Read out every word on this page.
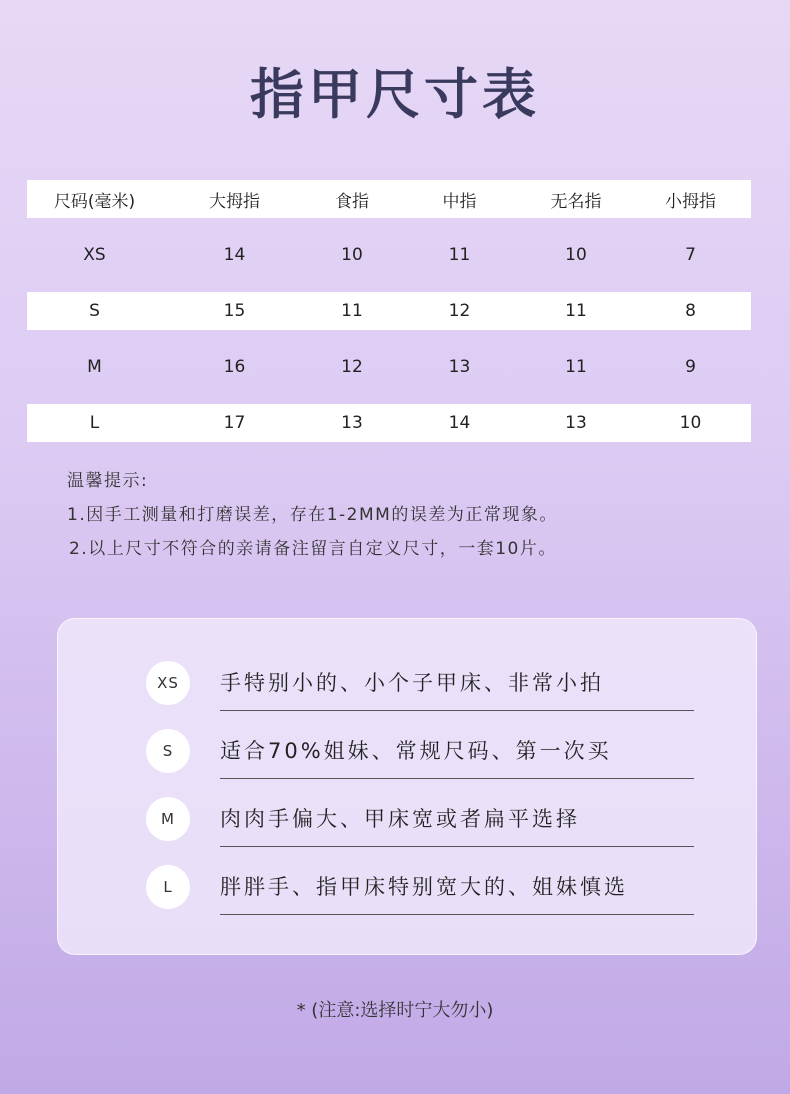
指甲尺寸表
尺码(毫米)	大拇指	食指	中指	无名指	小拇指
XS	14	10	11	10	7
S	15	11	12	11	8
M	16	12	13	11	9
L	17	13	14	13	10
温馨提示:
1.因手工测量和打磨误差，存在1-2MM的误差为正常现象。
2.以上尺寸不符合的亲请备注留言自定义尺寸，一套10片。
XS	手特别小的、小个子甲床、非常小拍
S	适合70%姐妹、常规尺码、第一次买
M	肉肉手偏大、甲床宽或者扁平选择
L	胖胖手、指甲床特别宽大的、姐妹慎选
* (注意:选择时宁大勿小)
